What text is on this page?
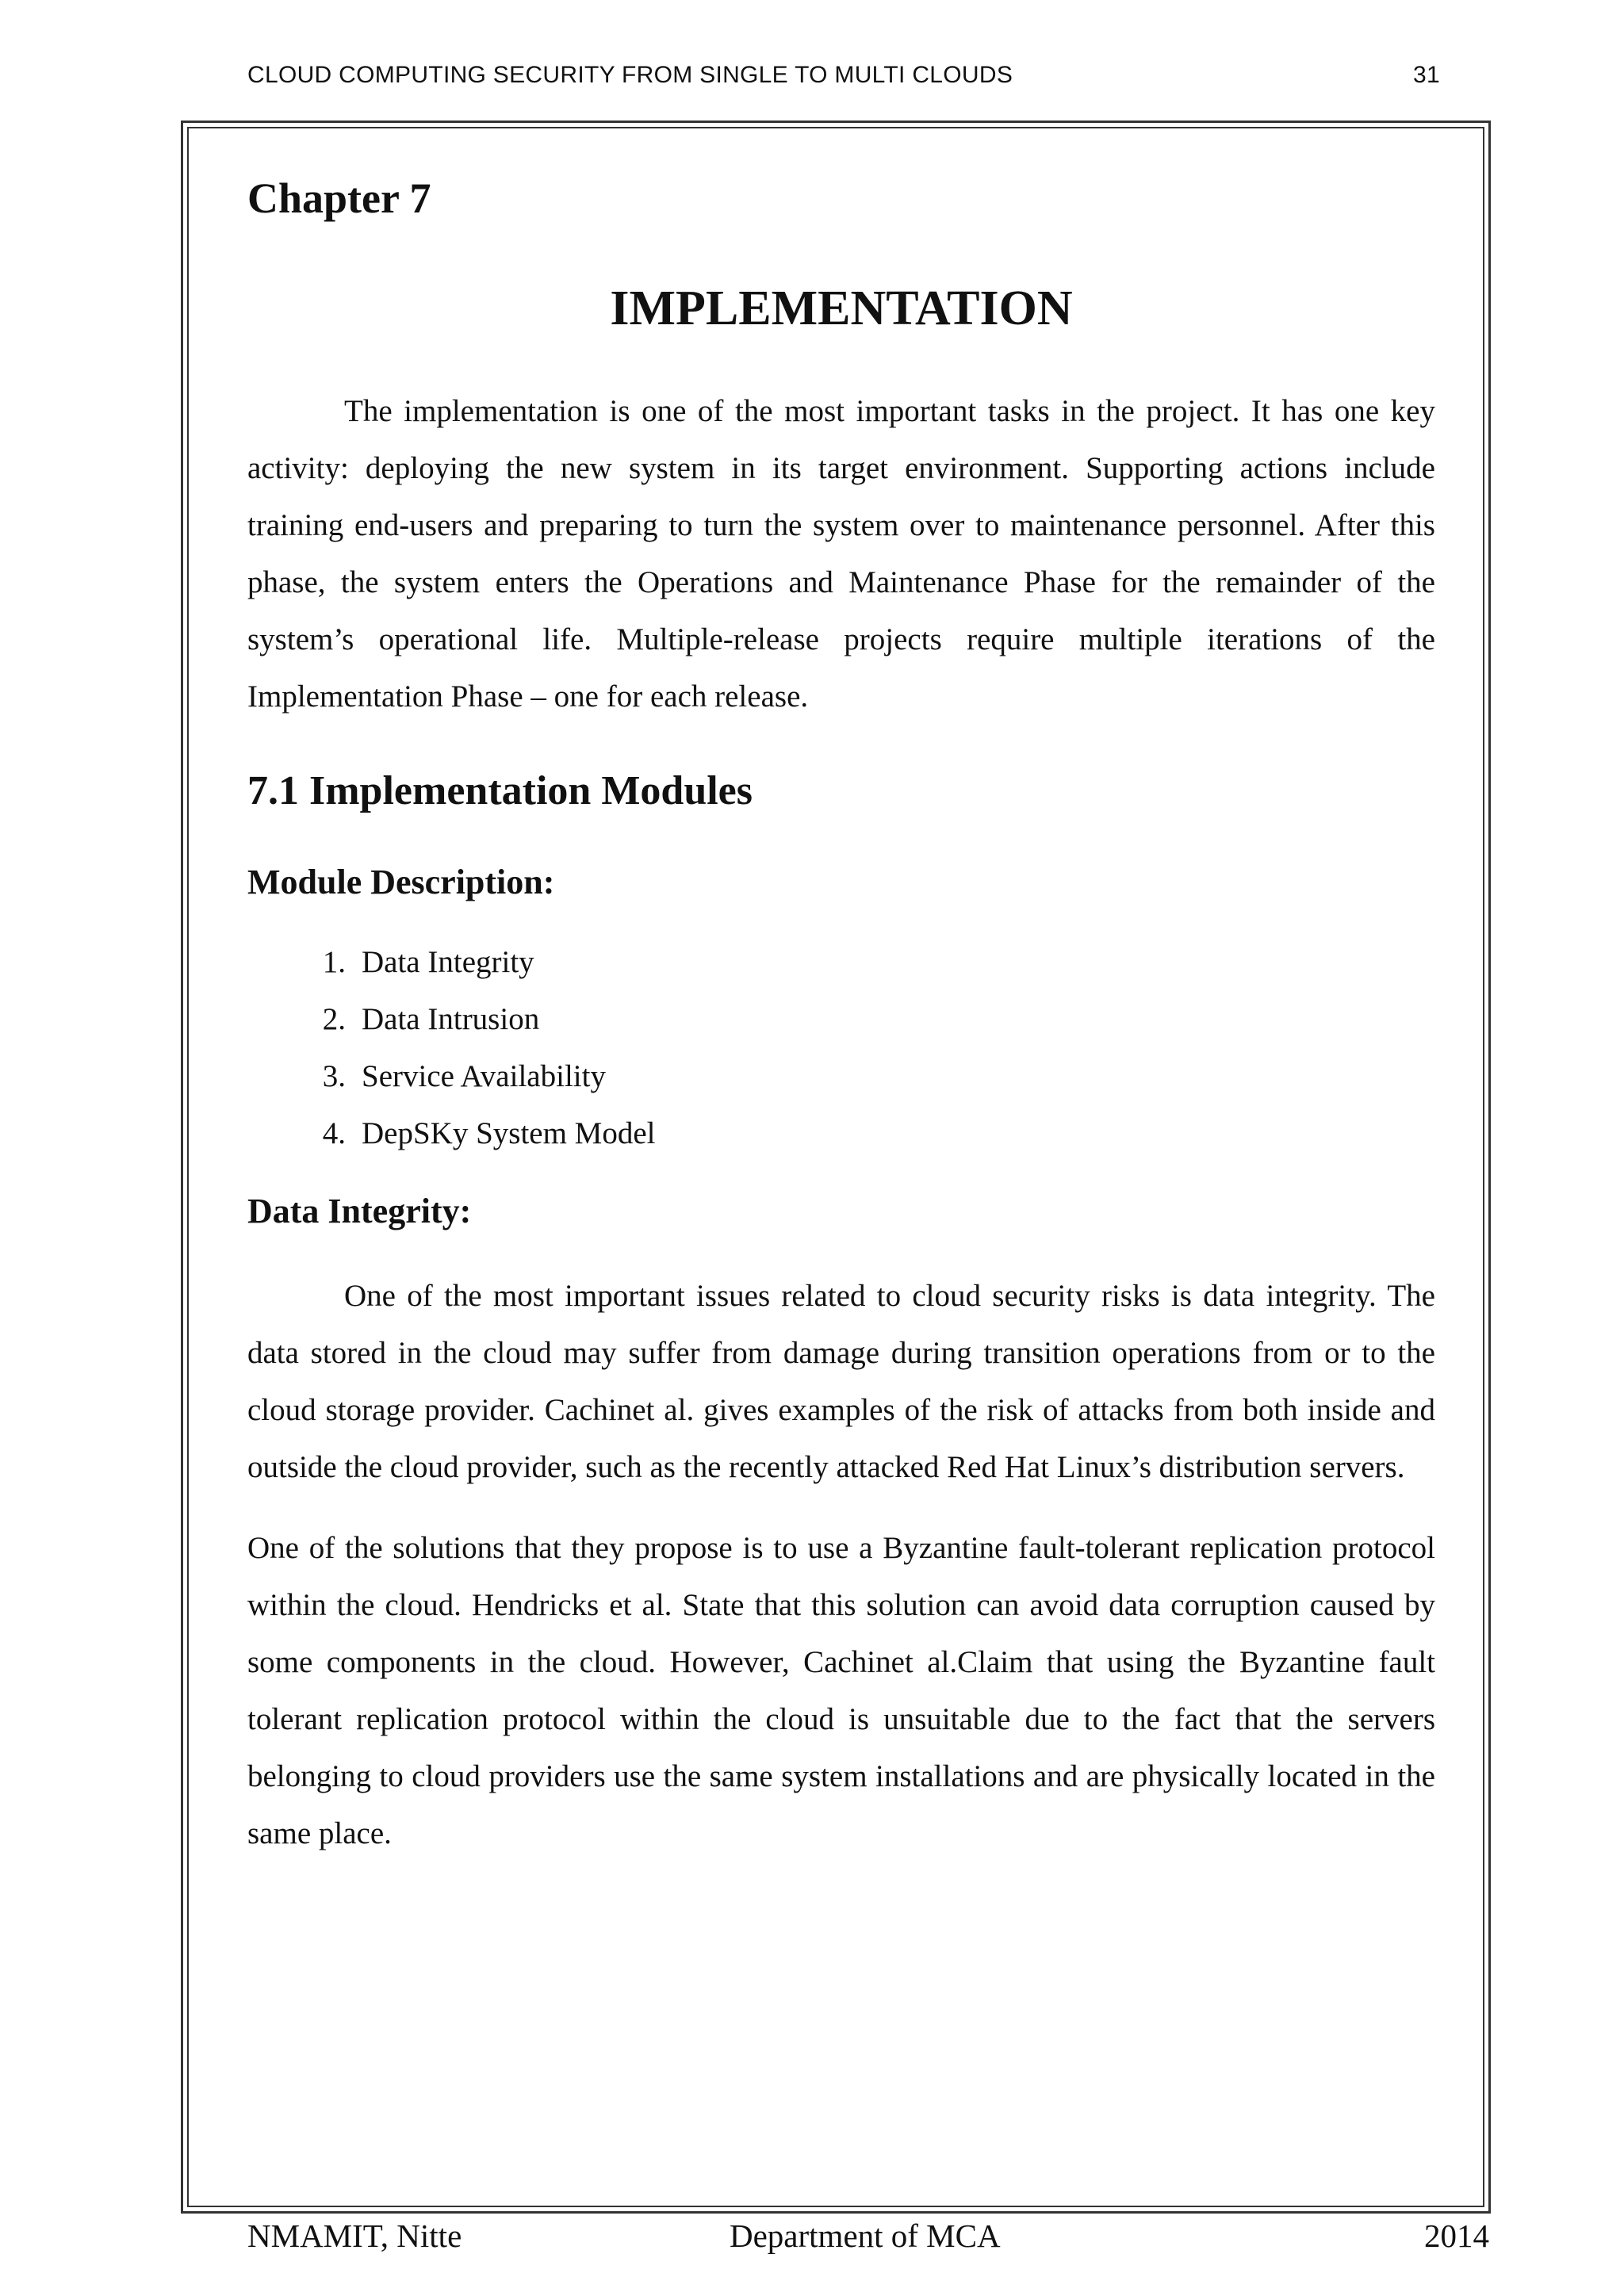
CLOUD COMPUTING SECURITY FROM SINGLE TO MULTI CLOUDS	31
Chapter 7
IMPLEMENTATION

The implementation is one of the most important tasks in the project. It has one key activity: deploying the new system in its target environment. Supporting actions include training end-users and preparing to turn the system over to maintenance personnel. After this phase, the system enters the Operations and Maintenance Phase for the remainder of the system’s operational life. Multiple-release projects require multiple iterations of the Implementation Phase – one for each release.

7.1 Implementation Modules
Module Description:
1. Data Integrity
2. Data Intrusion
3. Service Availability
4. DepSKy System Model
Data Integrity:

One of the most important issues related to cloud security risks is data integrity. The data stored in the cloud may suffer from damage during transition operations from or to the cloud storage provider. Cachinet al. gives examples of the risk of attacks from both inside and outside the cloud provider, such as the recently attacked Red Hat Linux’s distribution servers.

One of the solutions that they propose is to use a Byzantine fault-tolerant replication protocol within the cloud. Hendricks et al. State that this solution can avoid data corruption caused by some components in the cloud. However, Cachinet al.Claim that using the Byzantine fault tolerant replication protocol within the cloud is unsuitable due to the fact that the servers belonging to cloud providers use the same system installations and are physically located in the same place.

NMAMIT, Nitte	Department of MCA	2014
